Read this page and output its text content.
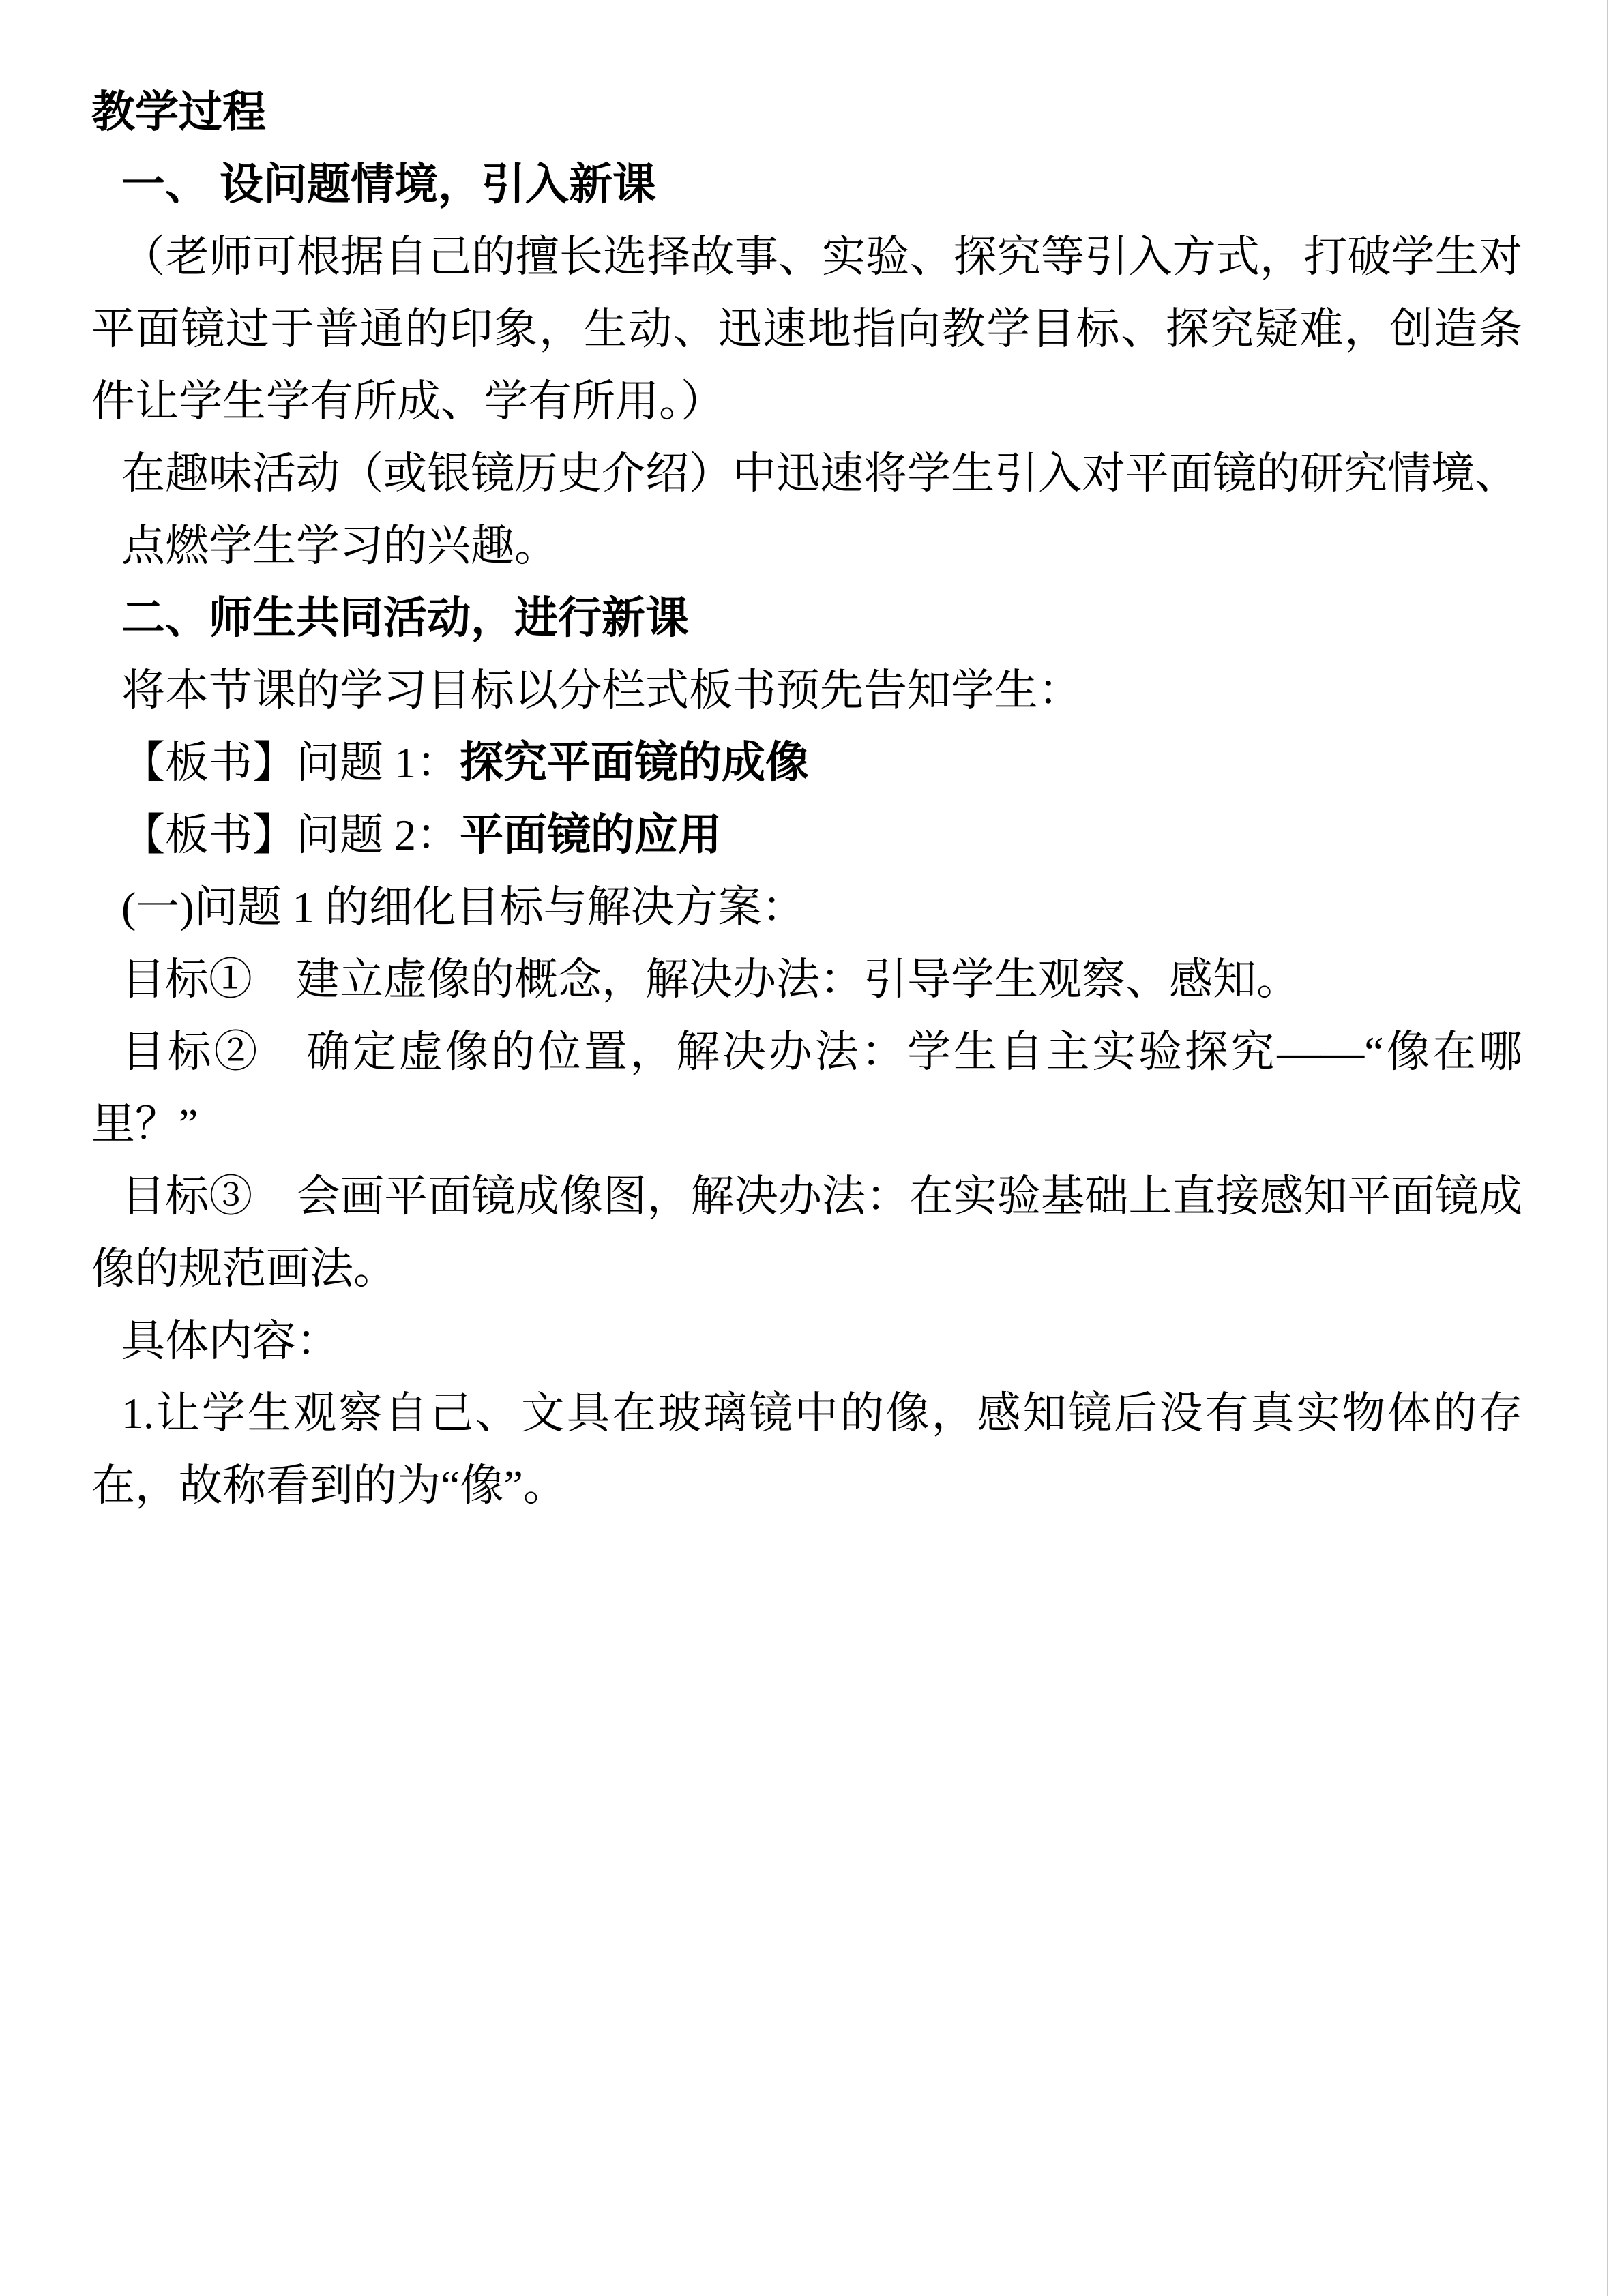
教学过程
一、 设问题情境，引入新课
（老师可根据自己的擅长选择故事、实验、探究等引入方式，打破学生对平面镜过于普通的印象，生动、迅速地指向教学目标、探究疑难，创造条件让学生学有所成、学有所用。）
在趣味活动（或银镜历史介绍）中迅速将学生引入对平面镜的研究情境、
点燃学生学习的兴趣。
二、师生共同活动，进行新课
将本节课的学习目标以分栏式板书预先告知学生：
【板书】问题 1：探究平面镜的成像
【板书】问题 2：平面镜的应用
(一)问题 1 的细化目标与解决方案：
目标①　建立虚像的概念，解决办法：引导学生观察、感知。
目标②　确定虚像的位置，解决办法：学生自主实验探究——“像在哪里？”
目标③　会画平面镜成像图，解决办法：在实验基础上直接感知平面镜成像的规范画法。
具体内容：
1.让学生观察自己、文具在玻璃镜中的像，感知镜后没有真实物体的存在，故称看到的为“像”。
